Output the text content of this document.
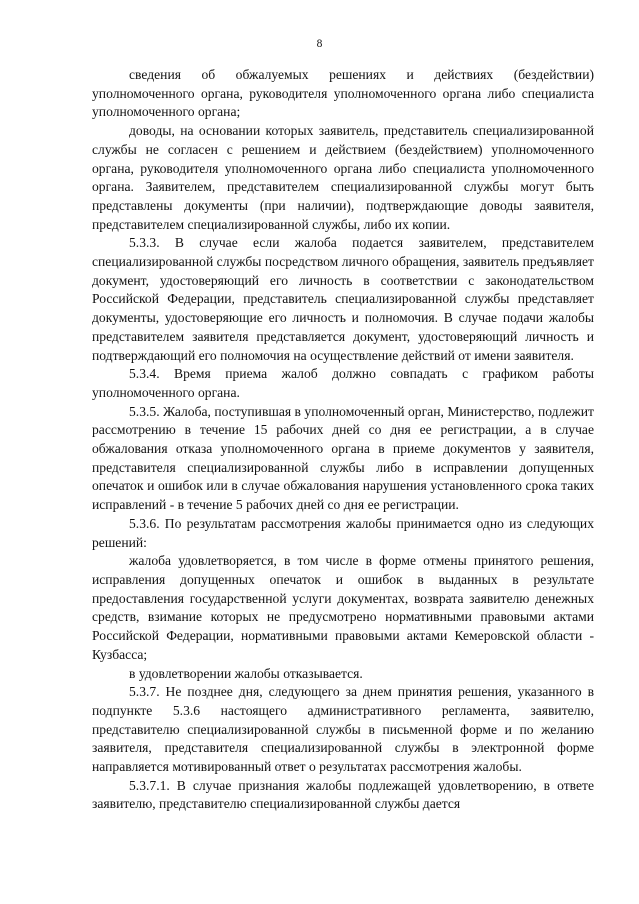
8

сведения об обжалуемых решениях и действиях (бездействии) уполномоченного органа, руководителя уполномоченного органа либо специалиста уполномоченного органа;

доводы, на основании которых заявитель, представитель специализированной службы не согласен с решением и действием (бездействием) уполномоченного органа, руководителя уполномоченного органа либо специалиста уполномоченного органа. Заявителем, представителем специализированной службы могут быть представлены документы (при наличии), подтверждающие доводы заявителя, представителем специализированной службы, либо их копии.

5.3.3. В случае если жалоба подается заявителем, представителем специализированной службы посредством личного обращения, заявитель предъявляет документ, удостоверяющий его личность в соответствии с законодательством Российской Федерации, представитель специализированной службы представляет документы, удостоверяющие его личность и полномочия. В случае подачи жалобы представителем заявителя представляется документ, удостоверяющий личность и подтверждающий его полномочия на осуществление действий от имени заявителя.

5.3.4. Время приема жалоб должно совпадать с графиком работы уполномоченного органа.

5.3.5. Жалоба, поступившая в уполномоченный орган, Министерство, подлежит рассмотрению в течение 15 рабочих дней со дня ее регистрации, а в случае обжалования отказа уполномоченного органа в приеме документов у заявителя, представителя специализированной службы либо в исправлении допущенных опечаток и ошибок или в случае обжалования нарушения установленного срока таких исправлений - в течение 5 рабочих дней со дня ее регистрации.

5.3.6. По результатам рассмотрения жалобы принимается одно из следующих решений:

жалоба удовлетворяется, в том числе в форме отмены принятого решения, исправления допущенных опечаток и ошибок в выданных в результате предоставления государственной услуги документах, возврата заявителю денежных средств, взимание которых не предусмотрено нормативными правовыми актами Российской Федерации, нормативными правовыми актами Кемеровской области - Кузбасса;

в удовлетворении жалобы отказывается.

5.3.7. Не позднее дня, следующего за днем принятия решения, указанного в подпункте 5.3.6 настоящего административного регламента, заявителю, представителю специализированной службы в письменной форме и по желанию заявителя, представителя специализированной службы в электронной форме направляется мотивированный ответ о результатах рассмотрения жалобы.

5.3.7.1. В случае признания жалобы подлежащей удовлетворению, в ответе заявителю, представителю специализированной службы дается
